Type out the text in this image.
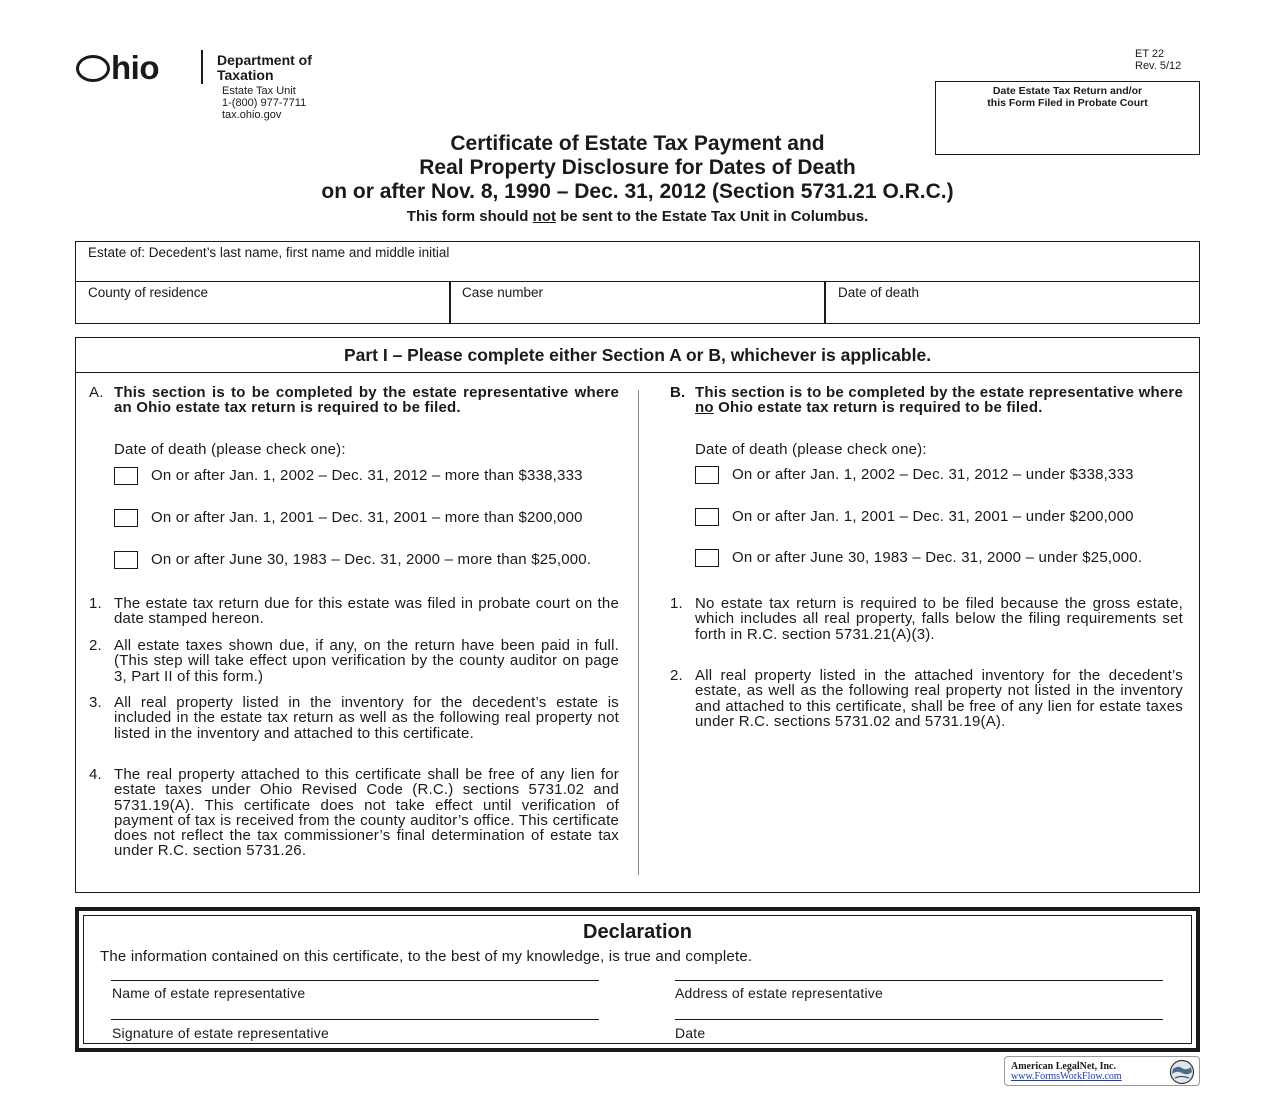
hio	Department of
Taxation
Estate Tax Unit
1-(800) 977-7711
tax.ohio.gov
ET 22
Rev. 5/12
Date Estate Tax Return and/or
this Form Filed in Probate Court
Certificate of Estate Tax Payment and
Real Property Disclosure for Dates of Death
on or after Nov. 8, 1990 – Dec. 31, 2012 (Section 5731.21 O.R.C.)
This form should not be sent to the Estate Tax Unit in Columbus.
Estate of: Decedent’s last name, first name and middle initial
County of residence	Case number	Date of death
Part I – Please complete either Section A or B, whichever is applicable.
A. This section is to be completed by the estate representative where an Ohio estate tax return is required to be filed.
Date of death (please check one):
On or after Jan. 1, 2002 – Dec. 31, 2012 – more than $338,333
On or after Jan. 1, 2001 – Dec. 31, 2001 – more than $200,000
On or after June 30, 1983 – Dec. 31, 2000 – more than $25,000.
1. The estate tax return due for this estate was filed in probate court on the date stamped hereon.
2. All estate taxes shown due, if any, on the return have been paid in full. (This step will take effect upon verification by the county auditor on page 3, Part II of this form.)
3. All real property listed in the inventory for the decedent’s estate is included in the estate tax return as well as the following real property not listed in the inventory and attached to this certificate.
4. The real property attached to this certificate shall be free of any lien for estate taxes under Ohio Revised Code (R.C.) sections 5731.02 and 5731.19(A). This certificate does not take effect until verification of payment of tax is received from the county auditor’s office. This certificate does not reflect the tax commissioner’s final determination of estate tax under R.C. section 5731.26.
B. This section is to be completed by the estate representative where no Ohio estate tax return is required to be filed.
Date of death (please check one):
On or after Jan. 1, 2002 – Dec. 31, 2012 – under $338,333
On or after Jan. 1, 2001 – Dec. 31, 2001 – under $200,000
On or after June 30, 1983 – Dec. 31, 2000 – under $25,000.
1. No estate tax return is required to be filed because the gross estate, which includes all real property, falls below the filing requirements set forth in R.C. section 5731.21(A)(3).
2. All real property listed in the attached inventory for the decedent’s estate, as well as the following real property not listed in the inventory and attached to this certificate, shall be free of any lien for estate taxes under R.C. sections 5731.02 and 5731.19(A).
Declaration
The information contained on this certificate, to the best of my knowledge, is true and complete.
Name of estate representative	Address of estate representative
Signature of estate representative	Date
American LegalNet, Inc.
www.FormsWorkFlow.com
